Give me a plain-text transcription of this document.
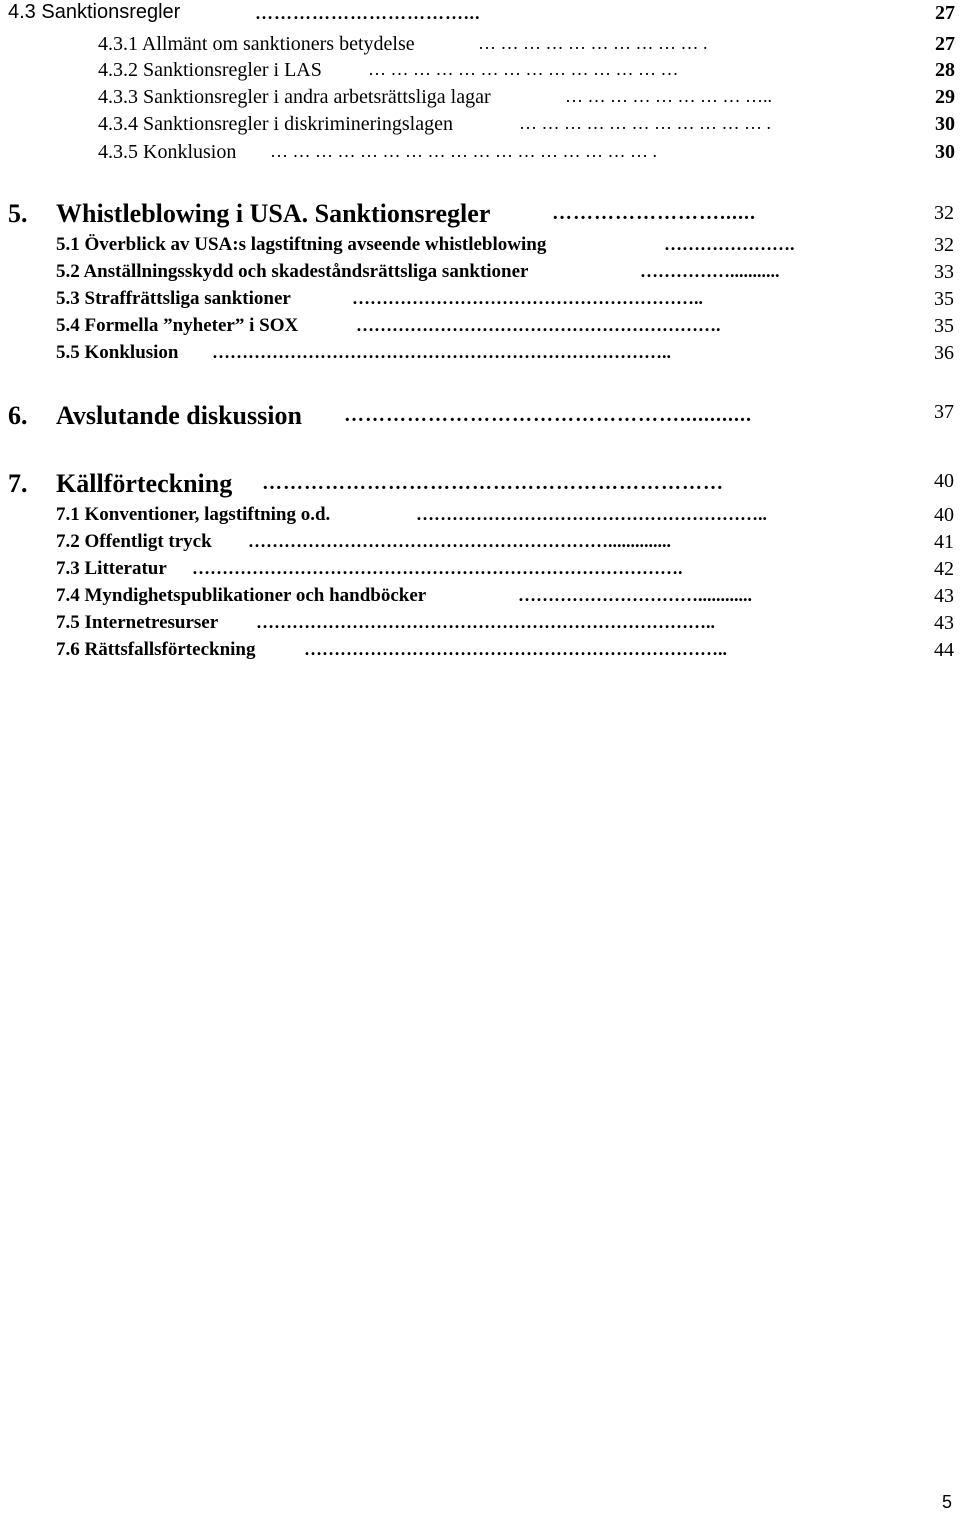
4.3 Sanktionsregler	……………………………...	27
4.3.1 Allmänt om sanktioners betydelse	… … … … … … … … … … .	27
4.3.2 Sanktionsregler i LAS	… … … … … … … … … … … … … …	28
4.3.3 Sanktionsregler i andra arbetsrättsliga lagar	… … … … … … … … …..	29
4.3.4 Sanktionsregler i diskrimineringslagen	… … … … … … … … … … … .	30
4.3.5 Konklusion … … … … … … … … … … … … … … … … … .	30
5. Whistleblowing i USA. Sanktionsregler	……………………......	32
5.1 Överblick av USA:s lagstiftning avseende whistleblowing	………………….	32
5.2 Anställningsskydd och skadeståndsrättsliga sanktioner	……………...........	33
5.3 Straffrättsliga sanktioner	…………………………………………………..	35
5.4 Formella ”nyheter” i SOX	…………………………………………………….	35
5.5 Konklusion …………………………………………………………………..	36
6. Avslutande diskussion …………………………………………............	37
7. Källförteckning …………………………………………………………	40
7.1 Konventioner, lagstiftning o.d.	…………………………………………………..	40
7.2 Offentligt tryck ……………………………………………………..............	41
7.3 Litteratur ……………………………………………………………………….	42
7.4 Myndighetspublikationer och handböcker	…………………………............	43
7.5 Internetresurser …………………………………………………………………..	43
7.6 Rättsfallsförteckning	……………………………………………………………..	44
5
